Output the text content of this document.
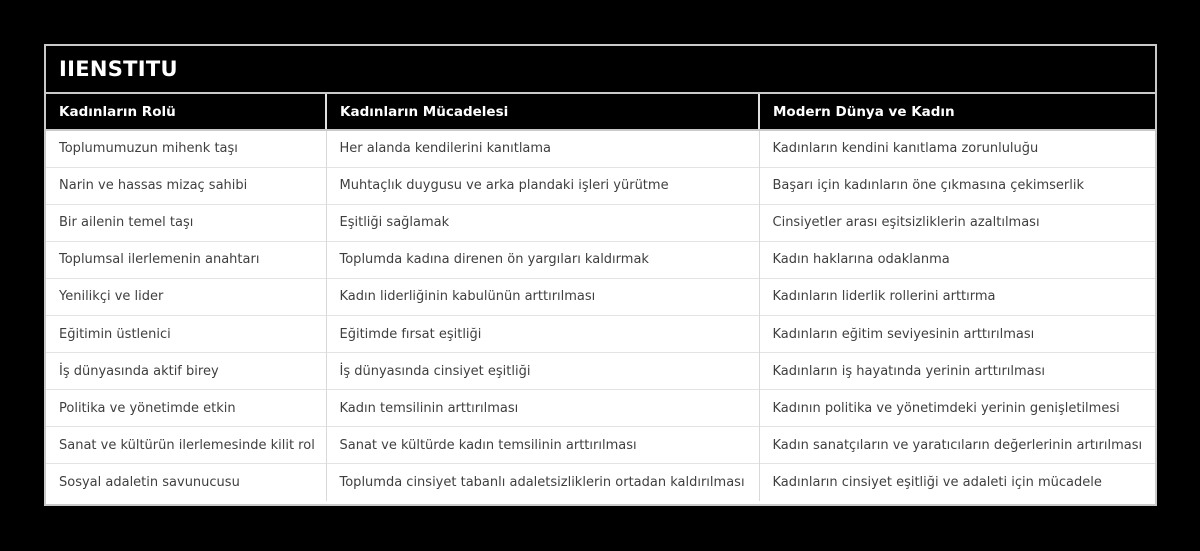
IIENSTITU
Kadınların Rolü	Kadınların Mücadelesi	Modern Dünya ve Kadın
Toplumumuzun mihenk taşı	Her alanda kendilerini kanıtlama	Kadınların kendini kanıtlama zorunluluğu
Narin ve hassas mizaç sahibi	Muhtaçlık duygusu ve arka plandaki işleri yürütme	Başarı için kadınların öne çıkmasına çekimserlik
Bir ailenin temel taşı	Eşitliği sağlamak	Cinsiyetler arası eşitsizliklerin azaltılması
Toplumsal ilerlemenin anahtarı	Toplumda kadına direnen ön yargıları kaldırmak	Kadın haklarına odaklanma
Yenilikçi ve lider	Kadın liderliğinin kabulünün arttırılması	Kadınların liderlik rollerini arttırma
Eğitimin üstlenici	Eğitimde fırsat eşitliği	Kadınların eğitim seviyesinin arttırılması
İş dünyasında aktif birey	İş dünyasında cinsiyet eşitliği	Kadınların iş hayatında yerinin arttırılması
Politika ve yönetimde etkin	Kadın temsilinin arttırılması	Kadının politika ve yönetimdeki yerinin genişletilmesi
Sanat ve kültürün ilerlemesinde kilit rol	Sanat ve kültürde kadın temsilinin arttırılması	Kadın sanatçıların ve yaratıcıların değerlerinin artırılması
Sosyal adaletin savunucusu	Toplumda cinsiyet tabanlı adaletsizliklerin ortadan kaldırılması	Kadınların cinsiyet eşitliği ve adaleti için mücadele
